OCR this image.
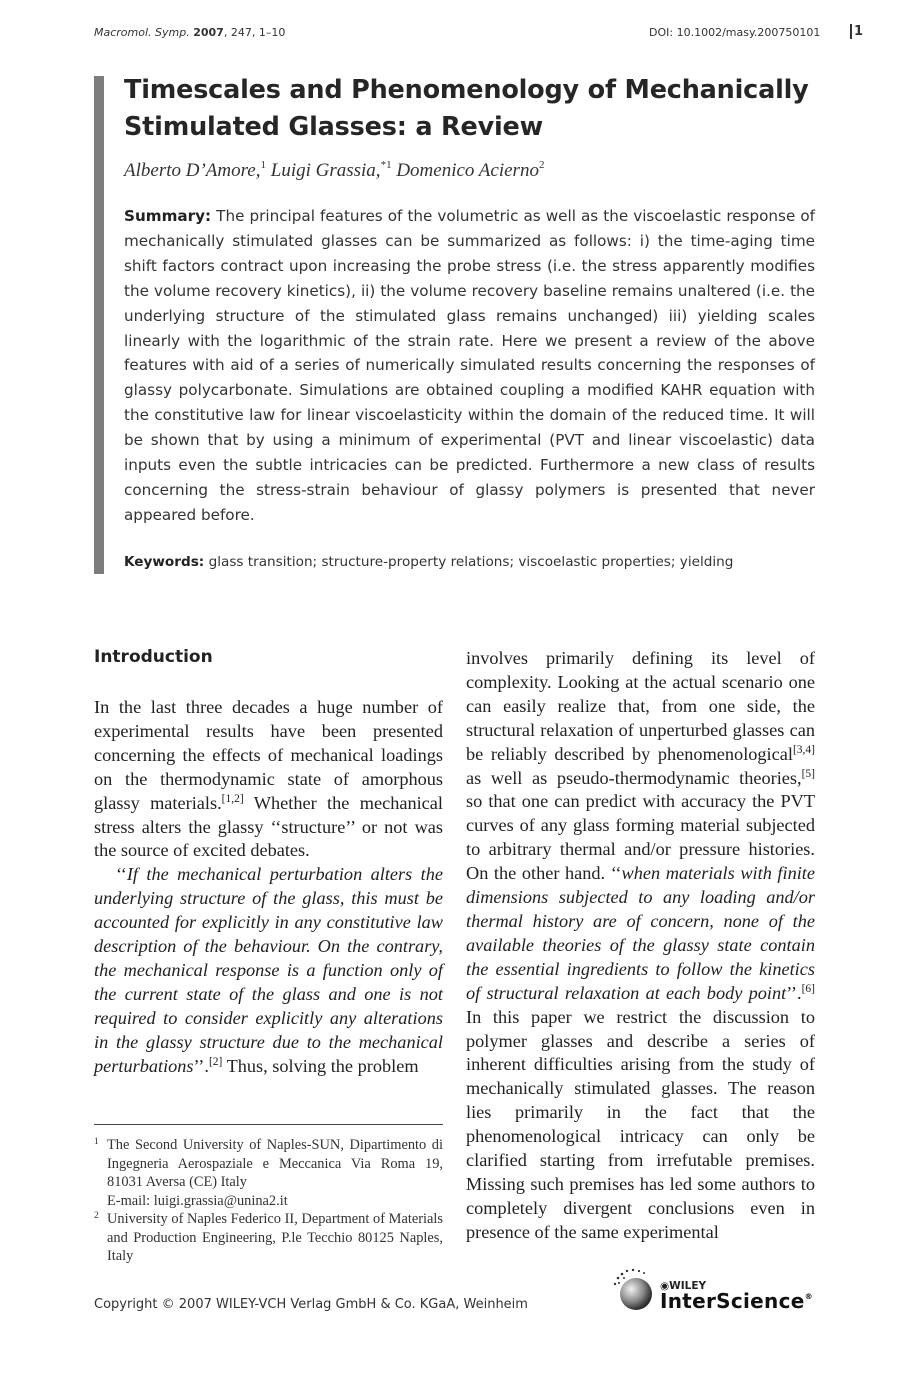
Macromol. Symp. 2007, 247, 1–10	DOI: 10.1002/masy.200750101	1
Timescales and Phenomenology of Mechanically Stimulated Glasses: a Review
Alberto D’Amore,$^1$ Luigi Grassia,$^{*1}$ Domenico Acierno$^2$

Summary: The principal features of the volumetric as well as the viscoelastic response of mechanically stimulated glasses can be summarized as follows: i) the time-aging time shift factors contract upon increasing the probe stress (i.e. the stress apparently modifies the volume recovery kinetics), ii) the volume recovery baseline remains unaltered (i.e. the underlying structure of the stimulated glass remains unchanged) iii) yielding scales linearly with the logarithmic of the strain rate. Here we present a review of the above features with aid of a series of numerically simulated results concerning the responses of glassy polycarbonate. Simulations are obtained coupling a modified KAHR equation with the constitutive law for linear viscoelasticity within the domain of the reduced time. It will be shown that by using a minimum of experimental (PVT and linear viscoelastic) data inputs even the subtle intricacies can be predicted. Furthermore a new class of results concerning the stress-strain behaviour of glassy polymers is presented that never appeared before.

Keywords: glass transition; structure-property relations; viscoelastic properties; yielding

Introduction

In the last three decades a huge number of experimental results have been presented concerning the effects of mechanical loadings on the thermodynamic state of amorphous glassy materials.[1,2] Whether the mechanical stress alters the glassy ‘‘structure’’ or not was the source of excited debates.

‘‘If the mechanical perturbation alters the underlying structure of the glass, this must be accounted for explicitly in any constitutive law description of the behaviour. On the contrary, the mechanical response is a function only of the current state of the glass and one is not required to consider explicitly any alterations in the glassy structure due to the mechanical perturbations’’.[2] Thus, solving the problem

involves primarily defining its level of complexity. Looking at the actual scenario one can easily realize that, from one side, the structural relaxation of unperturbed glasses can be reliably described by phenomenological[3,4] as well as pseudo-thermodynamic theories,[5] so that one can predict with accuracy the PVT curves of any glass forming material subjected to arbitrary thermal and/or pressure histories. On the other hand. ‘‘when materials with finite dimensions subjected to any loading and/or thermal history are of concern, none of the available theories of the glassy state contain the essential ingredients to follow the kinetics of structural relaxation at each body point’’.[6] In this paper we restrict the discussion to polymer glasses and describe a series of inherent difficulties arising from the study of mechanically stimulated glasses. The reason lies primarily in the fact that the phenomenological intricacy can only be clarified starting from irrefutable premises. Missing such premises has led some authors to completely divergent conclusions even in presence of the same experimental

1 The Second University of Naples-SUN, Dipartimento di Ingegneria Aerospaziale e Meccanica Via Roma 19, 81031 Aversa (CE) Italy
E-mail: luigi.grassia@unina2.it

2 University of Naples Federico II, Department of Materials and Production Engineering, P.le Tecchio 80125 Naples, Italy

Copyright © 2007 WILEY-VCH Verlag GmbH & Co. KGaA, Weinheim

◉WILEY
InterScience®
